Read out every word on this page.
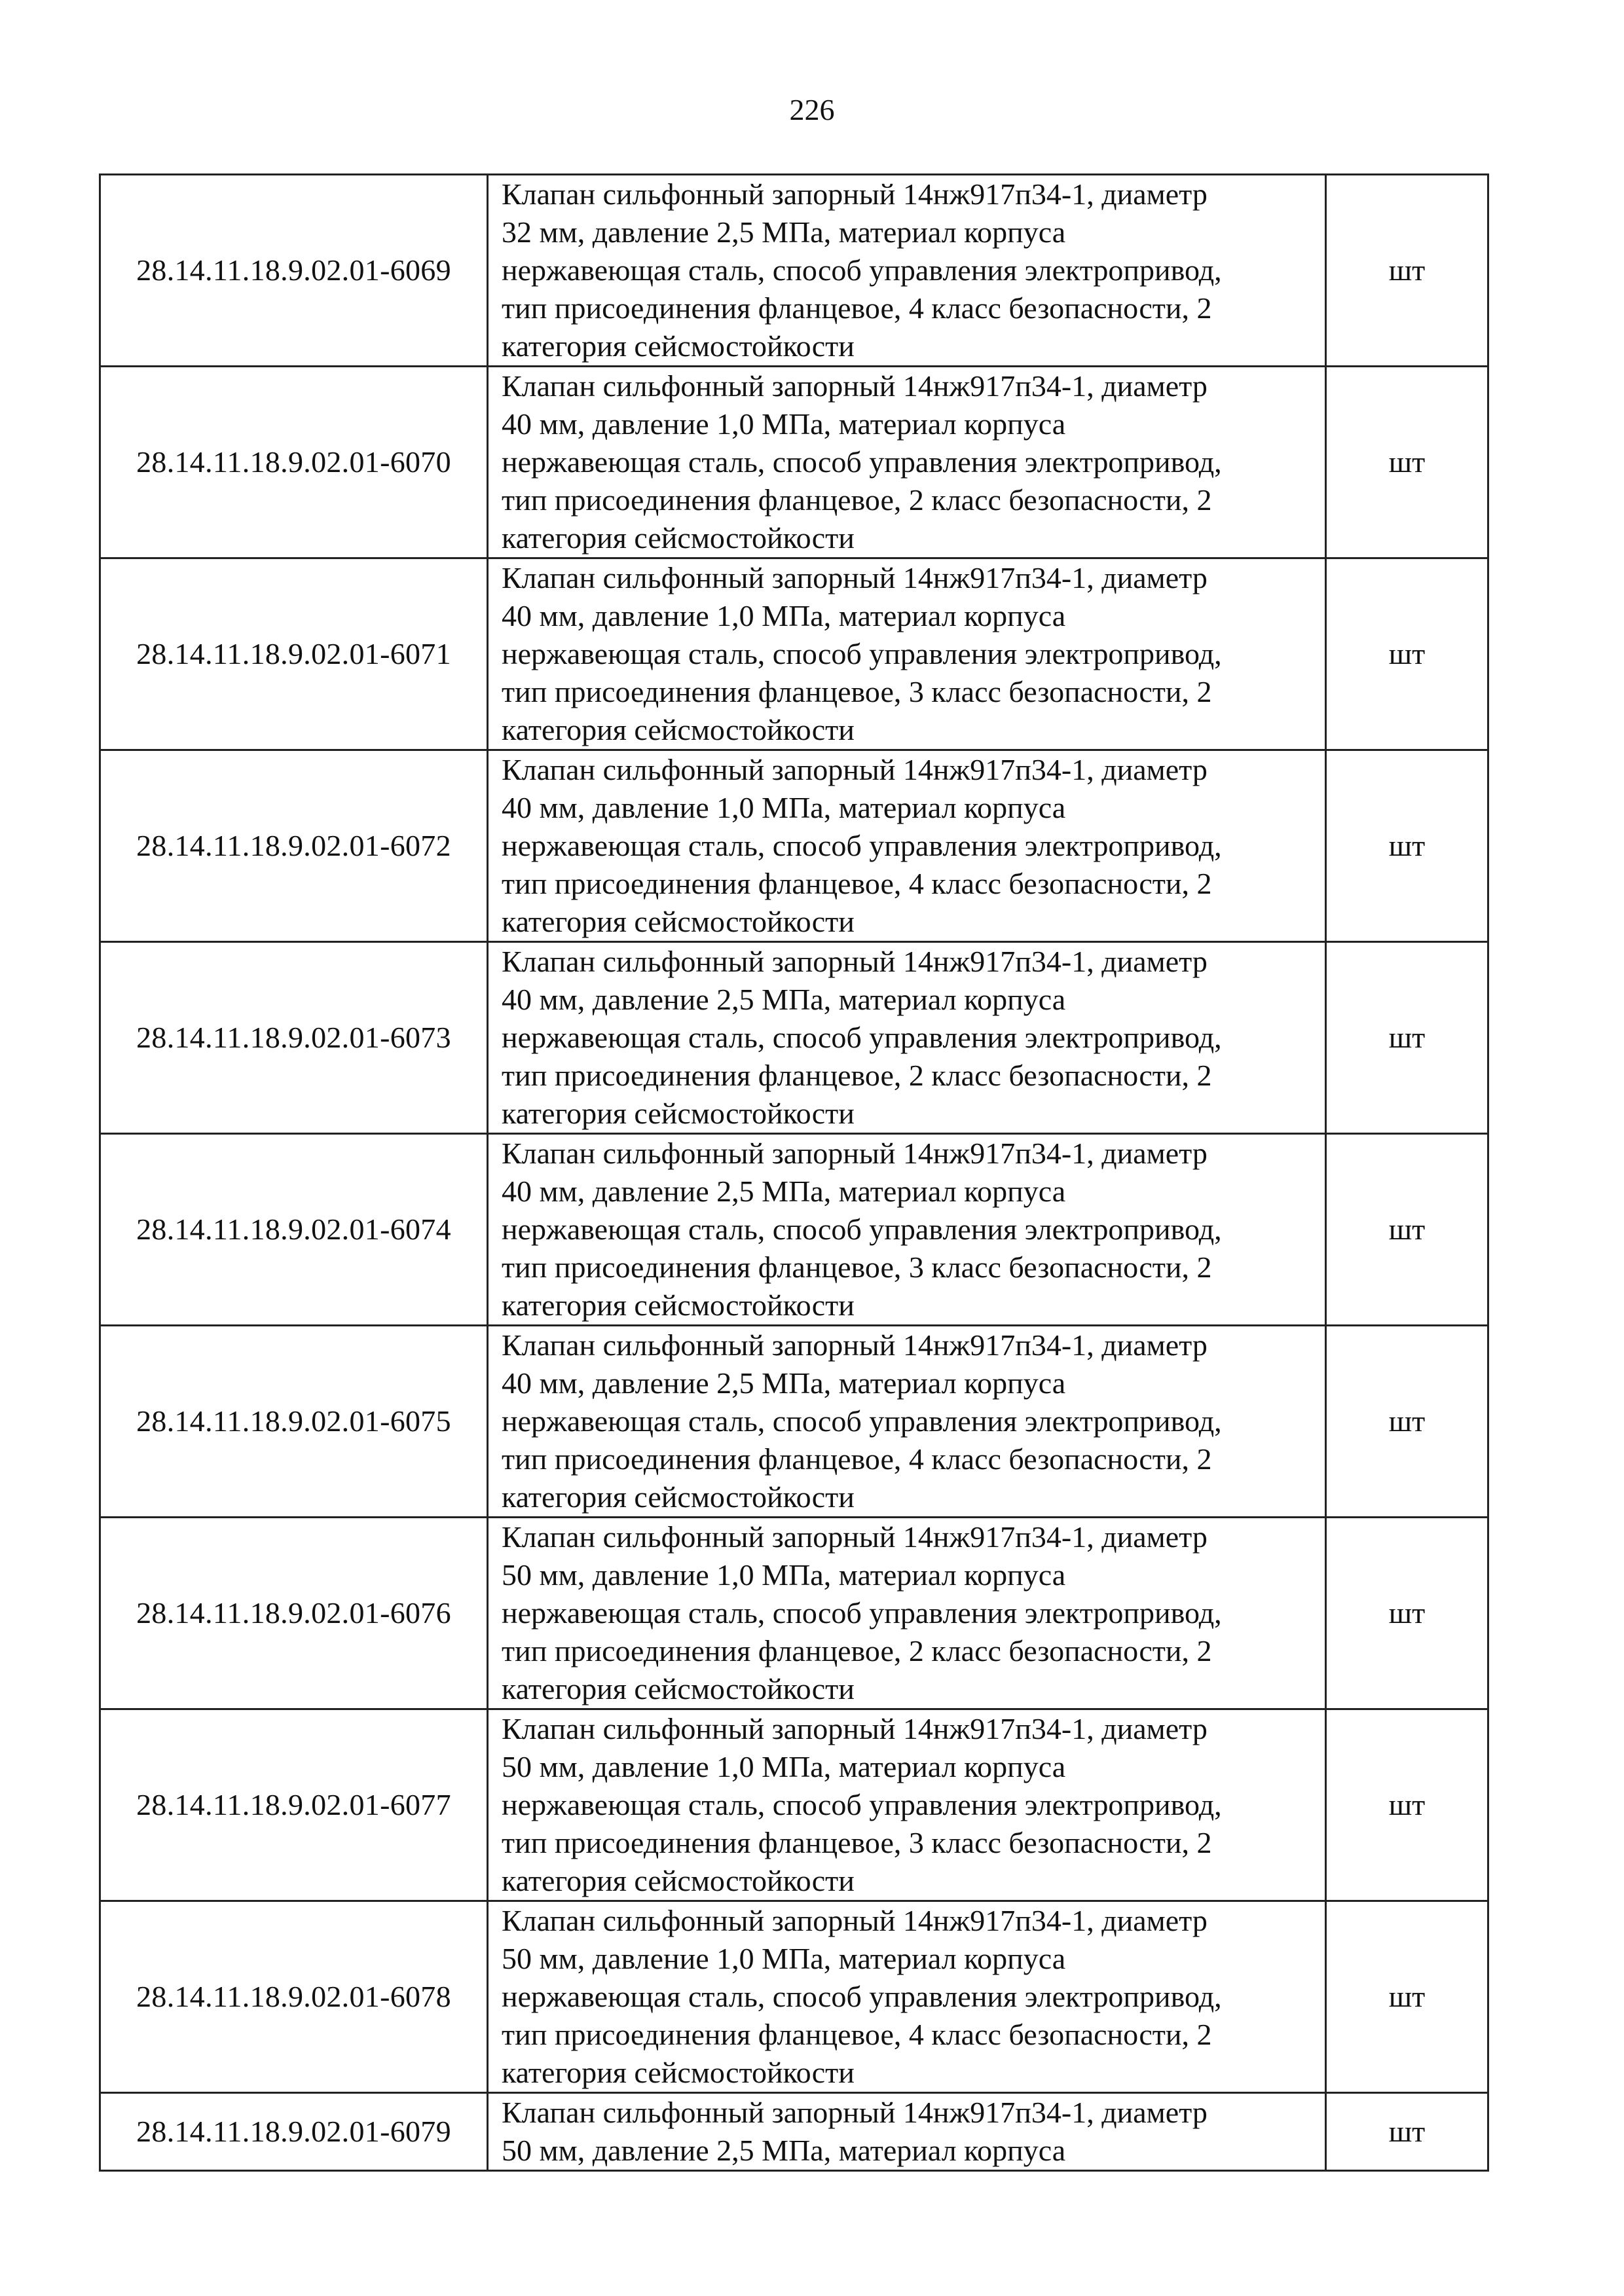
226
28.14.11.18.9.02.01-6069	Клапан сильфонный запорный 14нж917п34-1, диаметр
32 мм, давление 2,5 МПа, материал корпуса
нержавеющая сталь, способ управления электропривод,
тип присоединения фланцевое, 4 класс безопасности, 2
категория сейсмостойкости	шт
28.14.11.18.9.02.01-6070	Клапан сильфонный запорный 14нж917п34-1, диаметр
40 мм, давление 1,0 МПа, материал корпуса
нержавеющая сталь, способ управления электропривод,
тип присоединения фланцевое, 2 класс безопасности, 2
категория сейсмостойкости	шт
28.14.11.18.9.02.01-6071	Клапан сильфонный запорный 14нж917п34-1, диаметр
40 мм, давление 1,0 МПа, материал корпуса
нержавеющая сталь, способ управления электропривод,
тип присоединения фланцевое, 3 класс безопасности, 2
категория сейсмостойкости	шт
28.14.11.18.9.02.01-6072	Клапан сильфонный запорный 14нж917п34-1, диаметр
40 мм, давление 1,0 МПа, материал корпуса
нержавеющая сталь, способ управления электропривод,
тип присоединения фланцевое, 4 класс безопасности, 2
категория сейсмостойкости	шт
28.14.11.18.9.02.01-6073	Клапан сильфонный запорный 14нж917п34-1, диаметр
40 мм, давление 2,5 МПа, материал корпуса
нержавеющая сталь, способ управления электропривод,
тип присоединения фланцевое, 2 класс безопасности, 2
категория сейсмостойкости	шт
28.14.11.18.9.02.01-6074	Клапан сильфонный запорный 14нж917п34-1, диаметр
40 мм, давление 2,5 МПа, материал корпуса
нержавеющая сталь, способ управления электропривод,
тип присоединения фланцевое, 3 класс безопасности, 2
категория сейсмостойкости	шт
28.14.11.18.9.02.01-6075	Клапан сильфонный запорный 14нж917п34-1, диаметр
40 мм, давление 2,5 МПа, материал корпуса
нержавеющая сталь, способ управления электропривод,
тип присоединения фланцевое, 4 класс безопасности, 2
категория сейсмостойкости	шт
28.14.11.18.9.02.01-6076	Клапан сильфонный запорный 14нж917п34-1, диаметр
50 мм, давление 1,0 МПа, материал корпуса
нержавеющая сталь, способ управления электропривод,
тип присоединения фланцевое, 2 класс безопасности, 2
категория сейсмостойкости	шт
28.14.11.18.9.02.01-6077	Клапан сильфонный запорный 14нж917п34-1, диаметр
50 мм, давление 1,0 МПа, материал корпуса
нержавеющая сталь, способ управления электропривод,
тип присоединения фланцевое, 3 класс безопасности, 2
категория сейсмостойкости	шт
28.14.11.18.9.02.01-6078	Клапан сильфонный запорный 14нж917п34-1, диаметр
50 мм, давление 1,0 МПа, материал корпуса
нержавеющая сталь, способ управления электропривод,
тип присоединения фланцевое, 4 класс безопасности, 2
категория сейсмостойкости	шт
28.14.11.18.9.02.01-6079	Клапан сильфонный запорный 14нж917п34-1, диаметр
50 мм, давление 2,5 МПа, материал корпуса	шт
